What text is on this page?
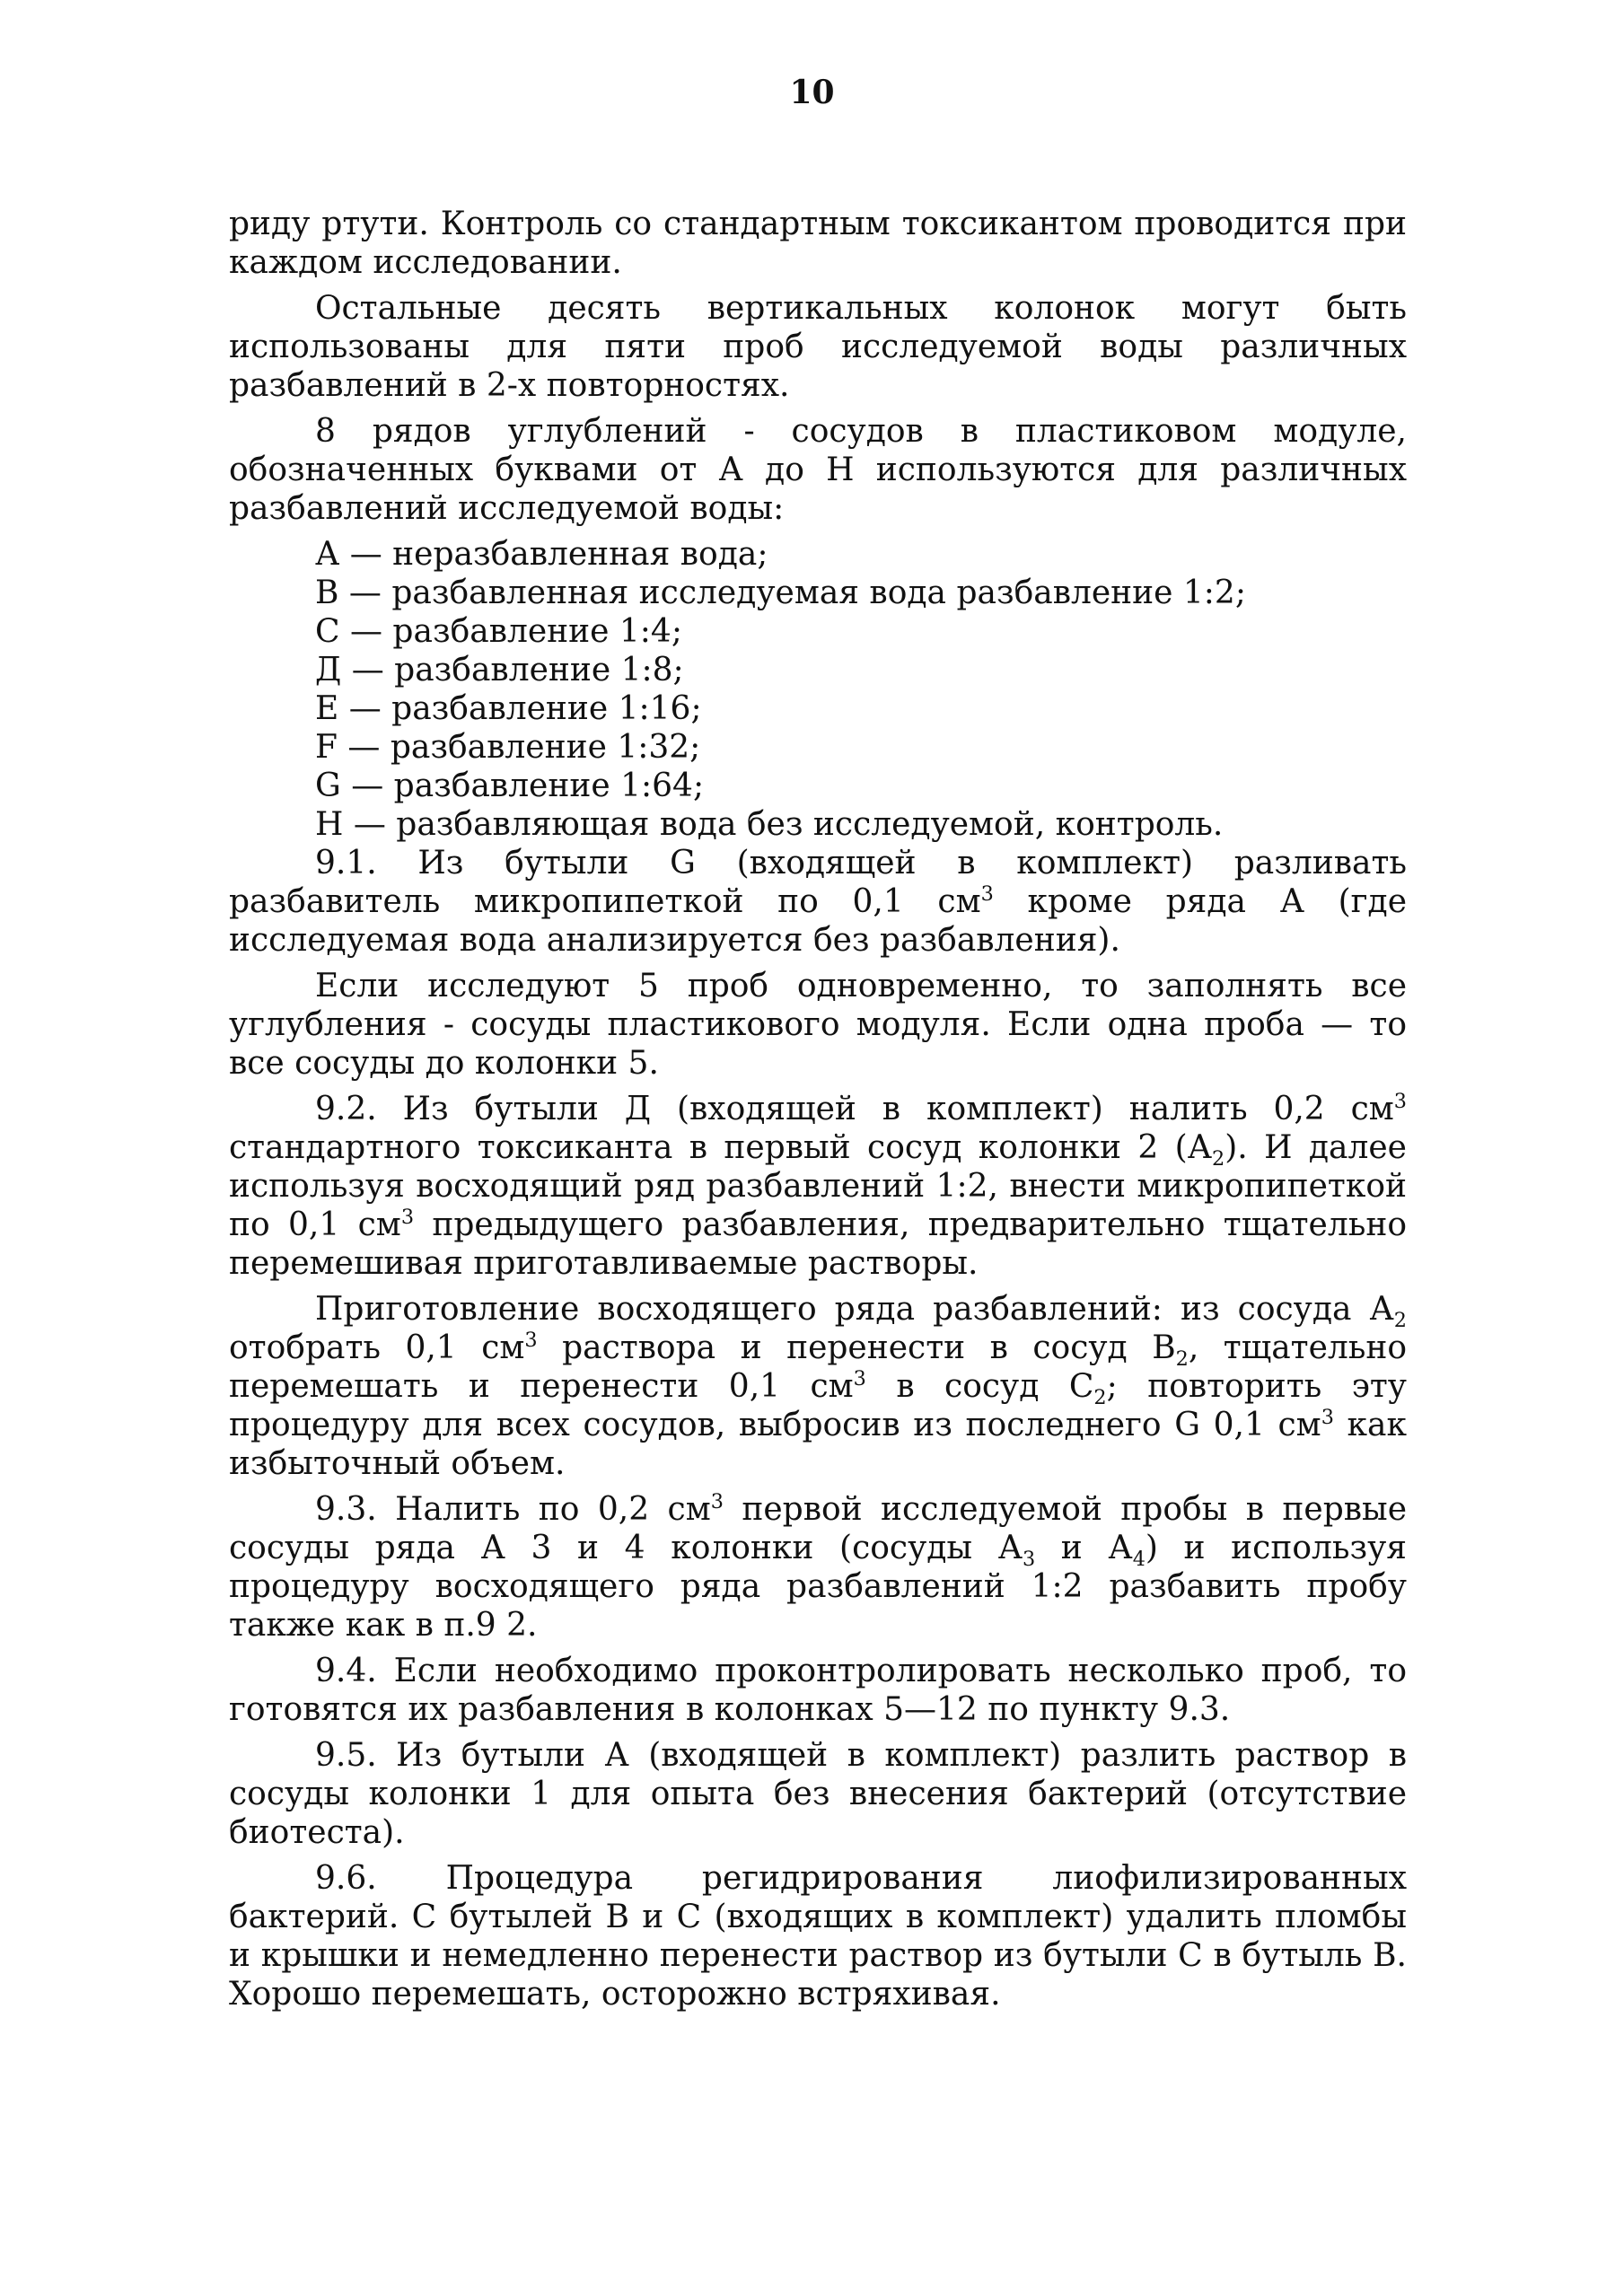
10

риду ртути. Контроль со стандартным токсикантом проводится при каждом исследовании.

Остальные десять вертикальных колонок могут быть использованы для пяти проб исследуемой воды различных разбавлений в 2-х повторностях.

8 рядов углублений - сосудов в пластиковом модуле, обозначенных буквами от А до Н используются для различных разбавлений исследуемой воды:

А — неразбавленная вода;

В — разбавленная исследуемая вода разбавление 1:2;

С — разбавление 1:4;

Д — разбавление 1:8;

Е — разбавление 1:16;

F — разбавление 1:32;

G — разбавление 1:64;

Н — разбавляющая вода без исследуемой, контроль.

9.1. Из бутыли G (входящей в комплект) разливать разбавитель микропипеткой по 0,1 $см^3$ кроме ряда А (где исследуемая вода анализируется без разбавления).

Если исследуют 5 проб одновременно, то заполнять все углубления - сосуды пластикового модуля. Если одна проба — то все сосуды до колонки 5.

9.2. Из бутыли Д (входящей в комплект) налить 0,2 $см^3$ стандартного токсиканта в первый сосуд колонки 2 $(А_2)$. И далее используя восходящий ряд разбавлений 1:2, внести микропипеткой по 0,1 $см^3$ предыдущего разбавления, предварительно тщательно перемешивая приготавливаемые растворы.

Приготовление восходящего ряда разбавлений: из сосуда $А_2$ отобрать 0,1 $см^3$ раствора и перенести в сосуд $В_2$, тщательно перемешать и перенести 0,1 $см^3$ в сосуд $С_2$; повторить эту процедуру для всех сосудов, выбросив из последнего G 0,1 $см^3$ как избыточный объем.

9.3. Налить по 0,2 $см^3$ первой исследуемой пробы в первые сосуды ряда А 3 и 4 колонки (сосуды $А_3$ и $А_4$) и используя процедуру восходящего ряда разбавлений 1:2 разбавить пробу также как в п.9 2.

9.4. Если необходимо проконтролировать несколько проб, то готовятся их разбавления в колонках 5—12 по пункту 9.3.

9.5. Из бутыли А (входящей в комплект) разлить раствор в сосуды колонки 1 для опыта без внесения бактерий (отсутствие биотеста).

9.6. Процедура регидрирования лиофилизированных бактерий. С бутылей В и С (входящих в комплект) удалить пломбы и крышки и немедленно перенести раствор из бутыли С в бутыль В. Хорошо перемешать, осторожно встряхивая.
